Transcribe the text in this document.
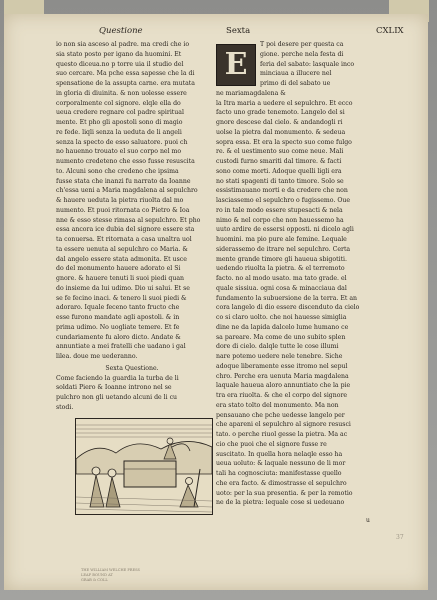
Questione	Sexta	CXLIX
io non sia asceso al padre. ma credi che io
sia stato posto per igano da huomini. Et
questo diceua.no p torre uia il studio del
suo cercare. Ma pche essa sapesse che la di
spensatione de la assupta carne. era mutata
in gloria di diuinita. & non uolesse essere
corporalmente col signore. elqle ella do
ueua credere regnare col padre spiritual
mente. Et pho gli apostoli sono di magio
re fede. liqli senza la ueduta de li angeli
senza la specto de esso saluatore. puoi ch
no hauenno trouato el suo corpo nel mo
numento credeteno che esso fusse resuscita
to. Alcuni sono che credeno che ipsima
fusse stata che inanzi fu narrato da Ioanne
ch'essa ueni a Maria magdalena al sepulchro
& hauere ueduta la pietra riuolta dal mo
numento. Et puoi ritornata co Pietro & Ioa
nne & esso stesse rimasa al sepulchro. Et pho
essa ancora ice dubia del signore essere sta
ta conuersa. Et ritornata a casa unaltra uol
ta essere uenuta al sepulchro co Maria. &
dal angelo essere stata admonita. Et usce
do del monumento hauere adorato el Si
gnore. & hauere tenuti li suoi piedi quan
do insieme da lui udimo. Dio ui salui. Et se
se fe fecino inaci. & tenero li suoi piedi &
adoraro. Iquale feceno tanto fructo che
esse furono mandate agli apostoli. & in
prima udimo. No uogliate temere. Et fe
cundariamente fu aloro dicto. Andate &
annuntiate a mei fratelli che uadano i gal
lilea. doue me uederanno.
Sexta Questione.
Come faciendo la guardia la turba de li
soldati Piero & Ioanne introno nel se
pulchro non gli uetando alcuni de li cu
stodi.
E
T poi desere per questa ca
gione. perche nela festa di
feria del sabato: lasquale inco
minciaua a illucere nel
primo di del sabato ue
ne mariamagdalena &
la Itra maria a uedere el sepulchro. Et ecco
facto uno grade tenemoto. Langelo del si
gnore descese dal cielo. & andandogli ri
uolse la pietra dal monumento. & sedeua
sopra essa. Et era la specto suo come fulgo
re. & el uestimento suo come neue. Mali
custodi furno smariti dal timore. & facti
sono come morti. Adoque quelli ligli era
no stati spagenti di tanto timore. Solo se
essistimauano morti e da credere che non
lasciassemo el sepulchro o fugissemo. Oue
ro in tale modo essere stupesacti & nela
nimo & nel corpo che non hauessemo ha
uuto ardire de essersi opposti. ni dicelo agli
huomini. ma pio pure ale femine. Lequale
siderassemo de itrare nel sepulchro. Certa
mente grande timore gli haueua sbigotiti.
uedendo riuolta la pietra. & el terremoto
facto. no al modo usato. ma tato grade. el
quale sissiua. ogni cosa & minacciaua dal
fundamento la subuersione de la terra. Et an
cora langelo di dio essere discenduto da cielo
co si claro uolto. che noi hauesse simiglia
dine ne da lapida dalcelo lume humano ce
sa pareare. Ma come de uno subito splen
dore di cielo. dalqle tutte le cose illumi
nare potemo uedere nele tenebre. Siche
adoque liberamente esse itromo nel sepul
chro. Perche era uenuta Maria magdalena
laquale haueua aloro annuntiato che la pie
tra era riuolta. & che el corpo del signore
era stato tolto del monumento. Ma non
pensauano che pche uedesse langelo per
che apareni el sepulchro al signore resusci
tato. o perche riuol gesse la pietra. Ma ac
cio che puoi che el signore fusse re
suscitato. In quella hora nelaqle esso ha
ueua uoluto: & laquale nessuno de li mor
tali ha cognosciuta: manifestasse quello
che era facto. & dimostrasse el sepulchro
uoto: per la sua presentia. & per la remotio
ne de la pietra: lequale cose si uedeuano
u
37
THE WILLIAM WELCHE PRESS
LEAF BOUND AT
GRAB & COLL
